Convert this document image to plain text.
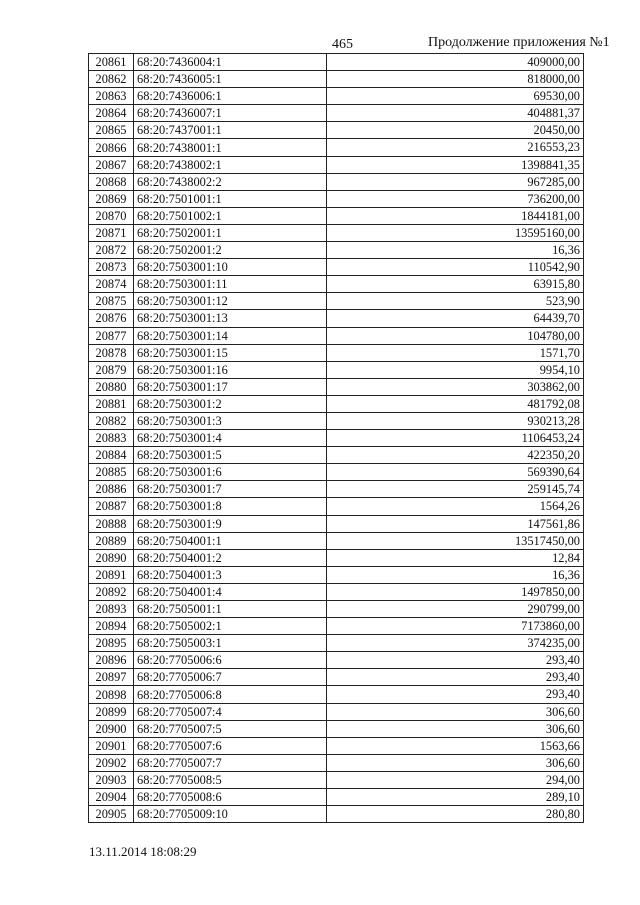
465	Продолжение приложения №1
20861	68:20:7436004:1	409000,00
20862	68:20:7436005:1	818000,00
20863	68:20:7436006:1	69530,00
20864	68:20:7436007:1	404881,37
20865	68:20:7437001:1	20450,00
20866	68:20:7438001:1	216553,23
20867	68:20:7438002:1	1398841,35
20868	68:20:7438002:2	967285,00
20869	68:20:7501001:1	736200,00
20870	68:20:7501002:1	1844181,00
20871	68:20:7502001:1	13595160,00
20872	68:20:7502001:2	16,36
20873	68:20:7503001:10	110542,90
20874	68:20:7503001:11	63915,80
20875	68:20:7503001:12	523,90
20876	68:20:7503001:13	64439,70
20877	68:20:7503001:14	104780,00
20878	68:20:7503001:15	1571,70
20879	68:20:7503001:16	9954,10
20880	68:20:7503001:17	303862,00
20881	68:20:7503001:2	481792,08
20882	68:20:7503001:3	930213,28
20883	68:20:7503001:4	1106453,24
20884	68:20:7503001:5	422350,20
20885	68:20:7503001:6	569390,64
20886	68:20:7503001:7	259145,74
20887	68:20:7503001:8	1564,26
20888	68:20:7503001:9	147561,86
20889	68:20:7504001:1	13517450,00
20890	68:20:7504001:2	12,84
20891	68:20:7504001:3	16,36
20892	68:20:7504001:4	1497850,00
20893	68:20:7505001:1	290799,00
20894	68:20:7505002:1	7173860,00
20895	68:20:7505003:1	374235,00
20896	68:20:7705006:6	293,40
20897	68:20:7705006:7	293,40
20898	68:20:7705006:8	293,40
20899	68:20:7705007:4	306,60
20900	68:20:7705007:5	306,60
20901	68:20:7705007:6	1563,66
20902	68:20:7705007:7	306,60
20903	68:20:7705008:5	294,00
20904	68:20:7705008:6	289,10
20905	68:20:7705009:10	280,80
13.11.2014 18:08:29
